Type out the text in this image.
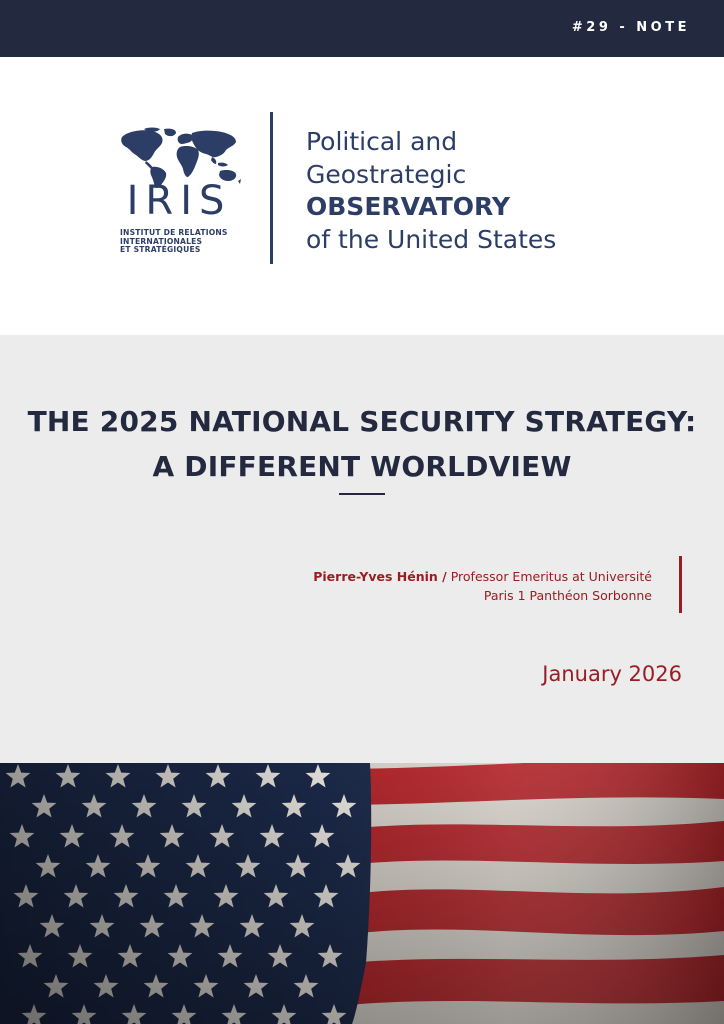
#29 - NOTE
IRIS
INSTITUT DE RELATIONS
INTERNATIONALES
ET STRATÉGIQUES
Political and
Geostrategic
OBSERVATORY
of the United States
THE 2025 NATIONAL SECURITY STRATEGY:
A DIFFERENT WORLDVIEW
Pierre-Yves Hénin / Professor Emeritus at Université
Paris 1 Panthéon Sorbonne
January 2026
